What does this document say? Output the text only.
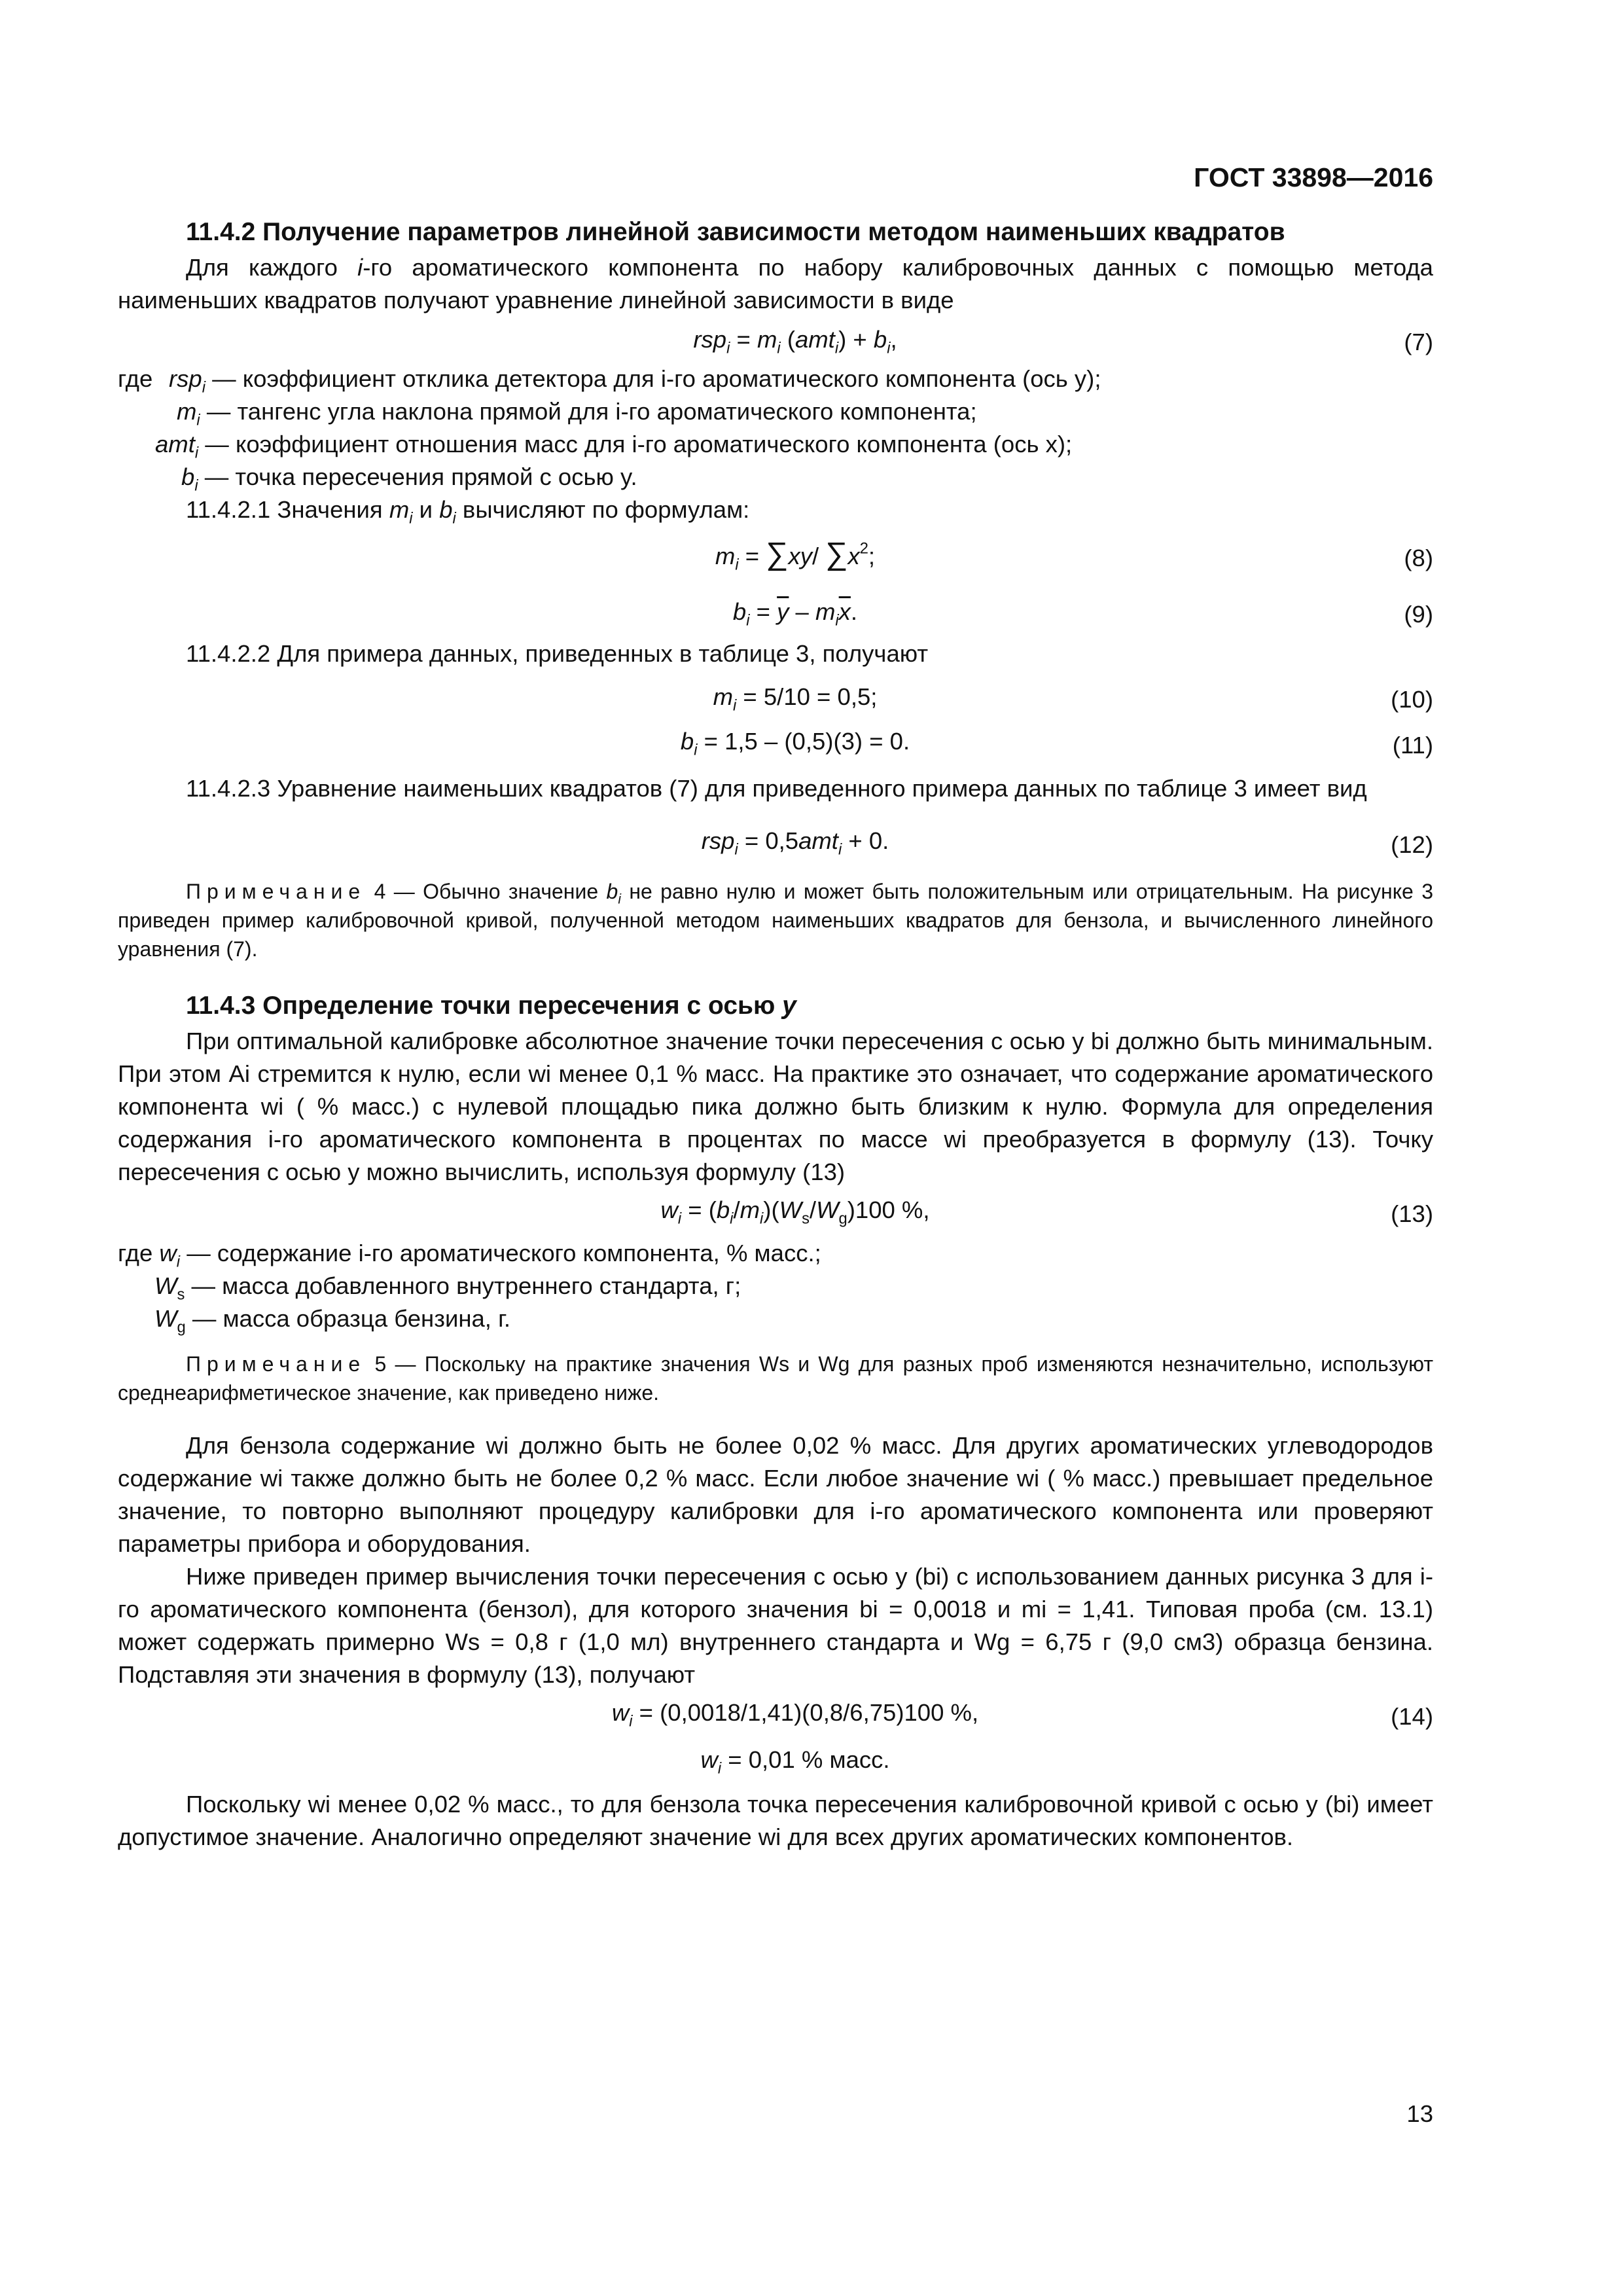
ГОСТ 33898—2016
11.4.2 Получение параметров линейной зависимости методом наименьших квадратов

Для каждого i-го ароматического компонента по набору калибровочных данных с помощью метода наименьших квадратов получают уравнение линейной зависимости в виде

$rsp_i = m_i$ $(amt_i) + b_i$,	(7)
где rsp$_i$ — коэффициент отклика детектора для i-го ароматического компонента (ось y);
$m_i$ — тангенс угла наклона прямой для i-го ароматического компонента;
amt$_i$ — коэффициент отношения масс для i-го ароматического компонента (ось x);
$b_i$ — точка пересечения прямой с осью y.

11.4.2.1 Значения $m_i$ и $b_i$ вычисляют по формулам:

$m_i = \sum xy/$ $\sum x^2$;	(8)
$b_i = \overline{y} - m_i\overline{x}$.	(9)

11.4.2.2 Для примера данных, приведенных в таблице 3, получают

$m_i = 5/10 = 0,5$;	(10)
$b_i = 1,5 - (0,5)(3) = 0$.	(11)

11.4.2.3 Уравнение наименьших квадратов (7) для приведенного примера данных по таблице 3 имеет вид

rsp$_i$ = 0,5amt$_i$ + 0.	(12)

Примечание 4 — Обычно значение $b_i$ не равно нулю и может быть положительным или отрицательным. На рисунке 3 приведен пример калибровочной кривой, полученной методом наименьших квадратов для бензола, и вычисленного линейного уравнения (7).

11.4.3 Определение точки пересечения с осью y

При оптимальной калибровке абсолютное значение точки пересечения с осью y bi должно быть минимальным. При этом Ai стремится к нулю, если wi менее 0,1 % масс. На практике это означает, что содержание ароматического компонента wi ( % масс.) с нулевой площадью пика должно быть близким к нулю. Формула для определения содержания i-го ароматического компонента в процентах по массе wi преобразуется в формулу (13). Точку пересечения с осью y можно вычислить, используя формулу (13)

$w_i = (b_i/m_i)(W_s/W_g)100$ %,	(13)
где $w_i$ — содержание i-го ароматического компонента, % масс.;
$W_s$ — масса добавленного внутреннего стандарта, г;
$W_g$ — масса образца бензина, г.

Примечание 5 — Поскольку на практике значения Ws и Wg для разных проб изменяются незначительно, используют среднеарифметическое значение, как приведено ниже.

Для бензола содержание wi должно быть не более 0,02 % масс. Для других ароматических углеводородов содержание wi также должно быть не более 0,2 % масс. Если любое значение wi ( % масс.) превышает предельное значение, то повторно выполняют процедуру калибровки для i-го ароматического компонента или проверяют параметры прибора и оборудования.

Ниже приведен пример вычисления точки пересечения с осью y (bi) с использованием данных рисунка 3 для i-го ароматического компонента (бензол), для которого значения bi = 0,0018 и mi = 1,41. Типовая проба (см. 13.1) может содержать примерно Ws = 0,8 г (1,0 мл) внутреннего стандарта и Wg = 6,75 г (9,0 см3) образца бензина. Подставляя эти значения в формулу (13), получают

$w_i = (0,0018/1,41)(0,8/6,75)100$ %,	(14)
$w_i = 0,01$ % масс.

Поскольку wi менее 0,02 % масс., то для бензола точка пересечения калибровочной кривой с осью y (bi) имеет допустимое значение. Аналогично определяют значение wi для всех других ароматических компонентов.

13
